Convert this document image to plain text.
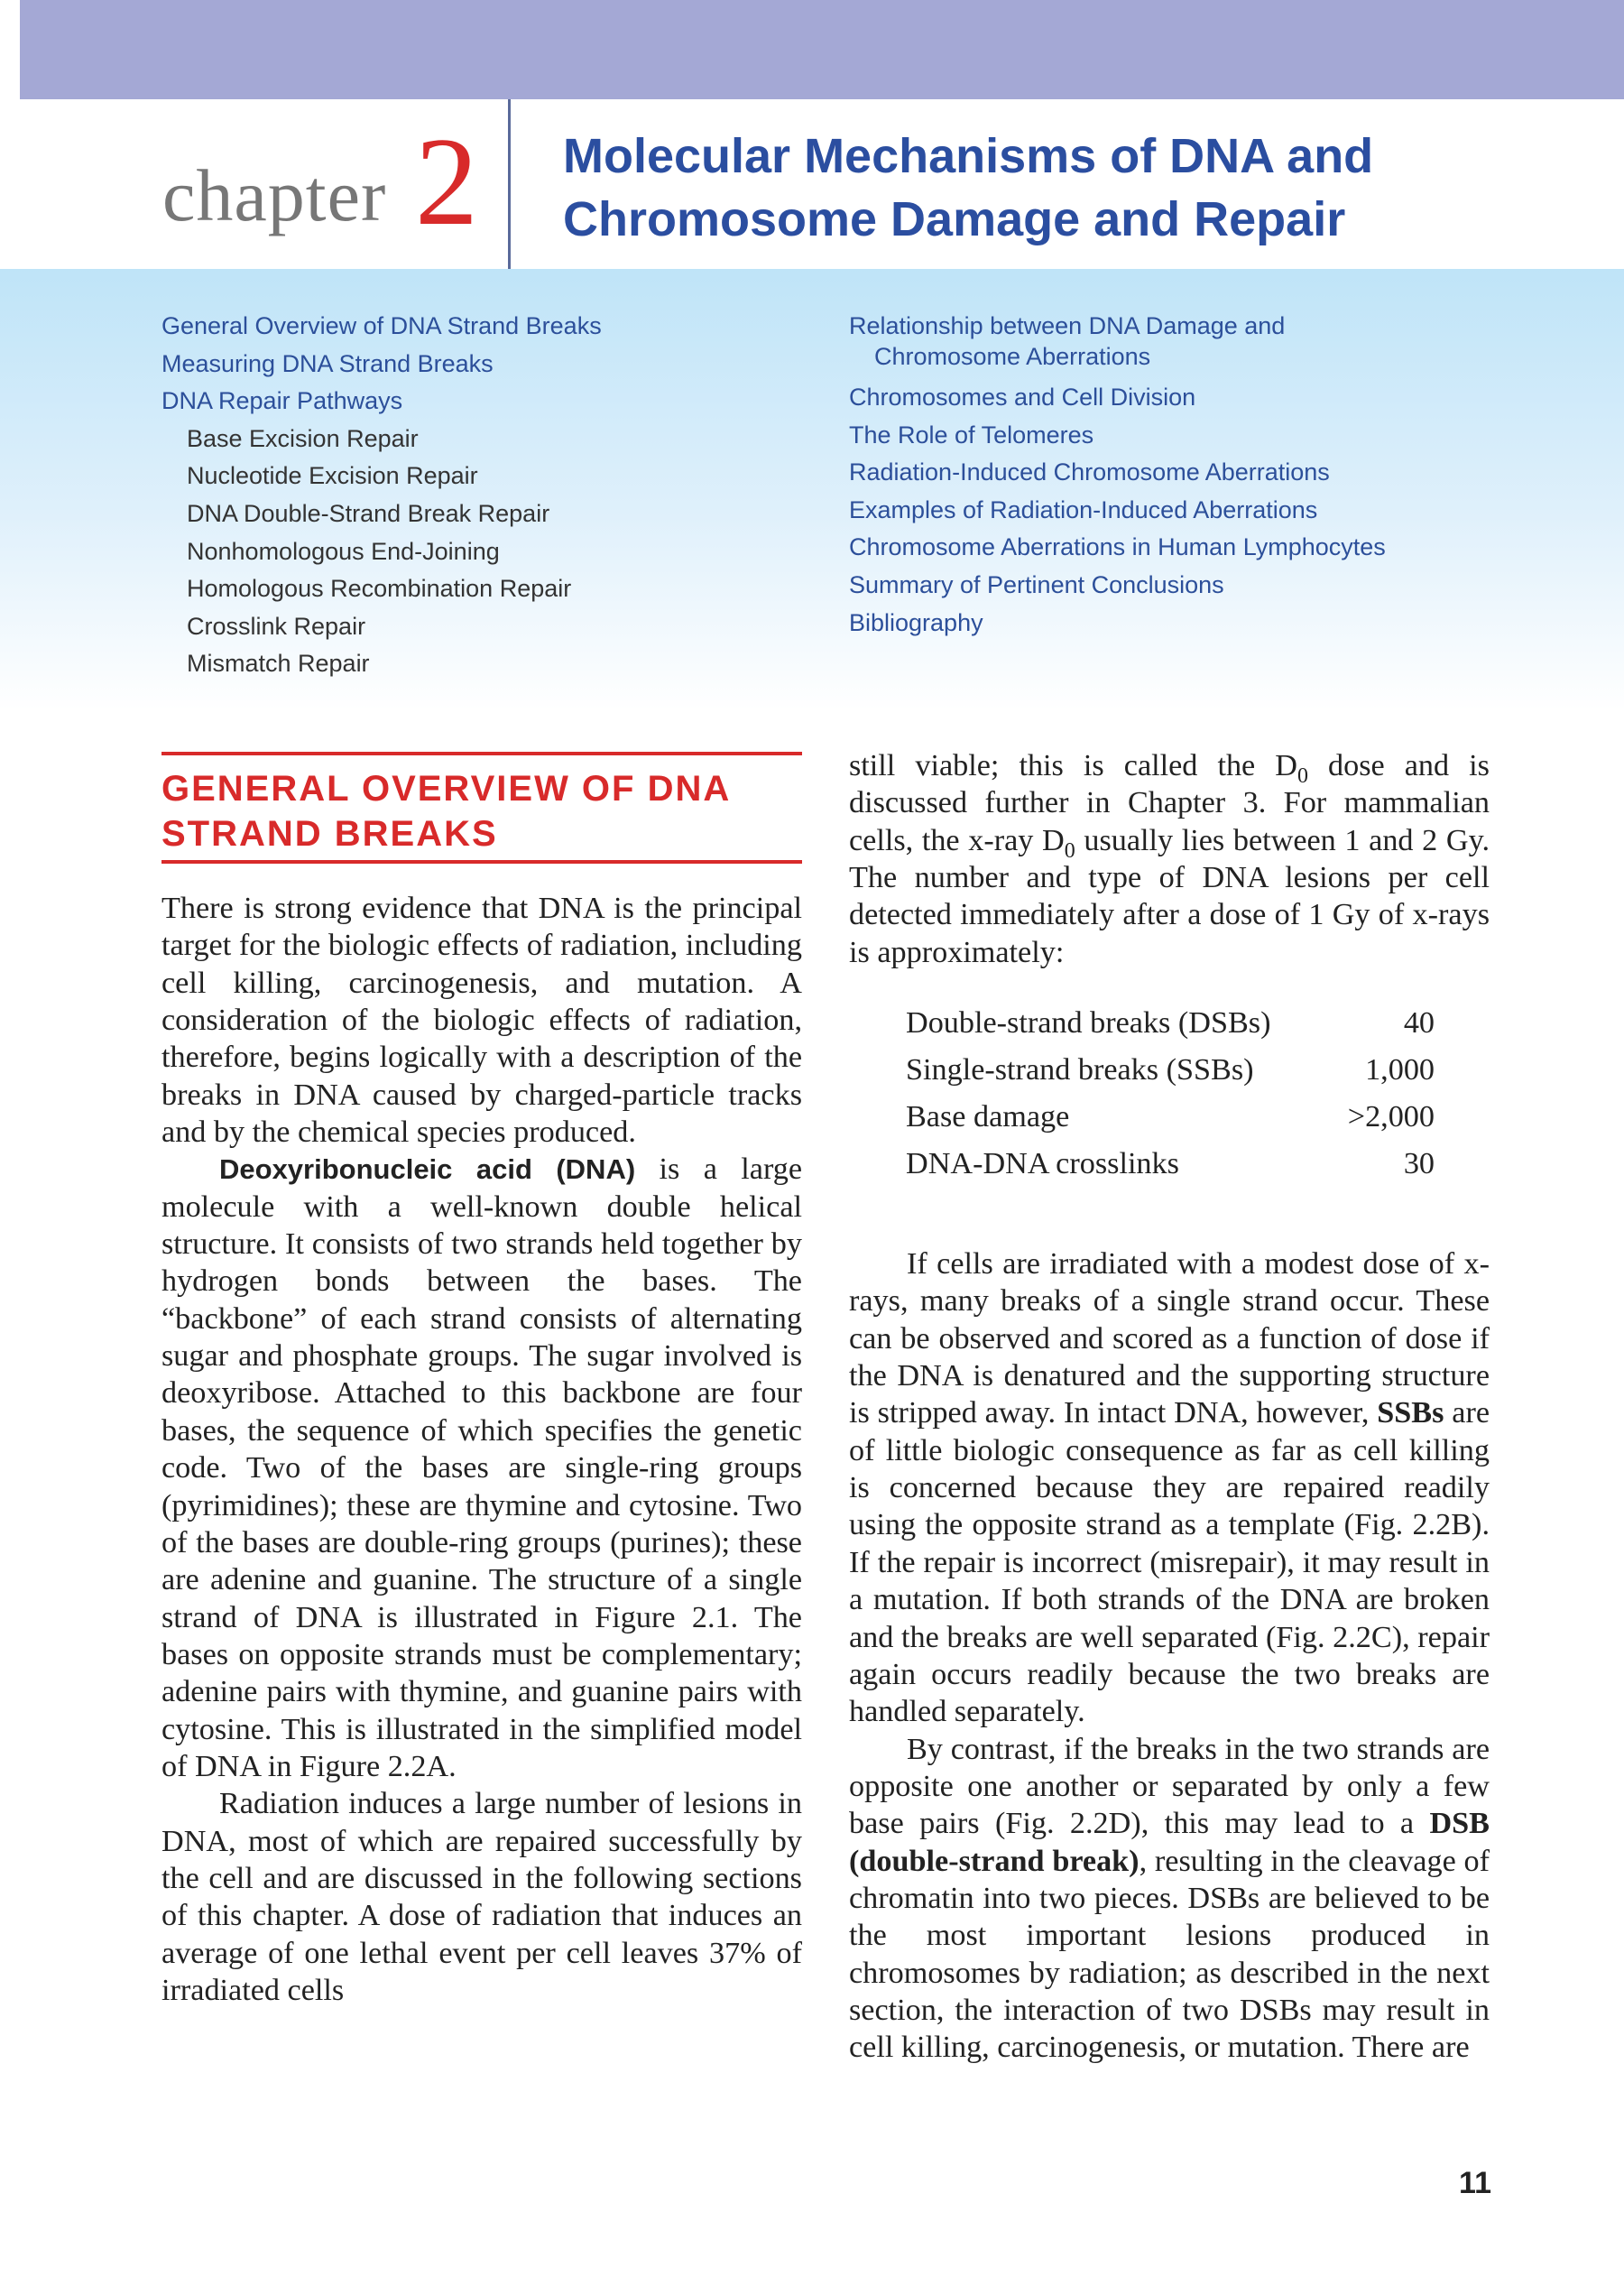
chapter 2 Molecular Mechanisms of DNA and
Chromosome Damage and Repair
General Overview of DNA Strand Breaks
Measuring DNA Strand Breaks
DNA Repair Pathways
Base Excision Repair
Nucleotide Excision Repair
DNA Double-Strand Break Repair
Nonhomologous End-Joining
Homologous Recombination Repair
Crosslink Repair
Mismatch Repair
Relationship between DNA Damage and
Chromosome Aberrations
Chromosomes and Cell Division
The Role of Telomeres
Radiation-Induced Chromosome Aberrations
Examples of Radiation-Induced Aberrations
Chromosome Aberrations in Human Lymphocytes
Summary of Pertinent Conclusions
Bibliography
GENERAL OVERVIEW OF DNA
STRAND BREAKS

There is strong evidence that DNA is the principal target for the biologic effects of radiation, including cell killing, carcinogenesis, and mutation. A consideration of the biologic effects of radiation, therefore, begins logically with a description of the breaks in DNA caused by charged-particle tracks and by the chemical species produced.

Deoxyribonucleic acid (DNA) is a large molecule with a well-known double helical structure. It consists of two strands held together by hydrogen bonds between the bases. The “backbone” of each strand consists of alternating sugar and phosphate groups. The sugar involved is deoxyribose. Attached to this backbone are four bases, the sequence of which specifies the genetic code. Two of the bases are single-ring groups (pyrimidines); these are thymine and cytosine. Two of the bases are double-ring groups (purines); these are adenine and guanine. The structure of a single strand of DNA is illustrated in Figure 2.1. The bases on opposite strands must be complementary; adenine pairs with thymine, and guanine pairs with cytosine. This is illustrated in the simplified model of DNA in Figure 2.2A.

Radiation induces a large number of lesions in DNA, most of which are repaired successfully by the cell and are discussed in the following sections of this chapter. A dose of radiation that induces an average of one lethal event per cell leaves 37% of irradiated cells

still viable; this is called the $D_0$ dose and is discussed further in Chapter 3. For mammalian cells, the x-ray $D_0$ usually lies between 1 and 2 Gy. The number and type of DNA lesions per cell detected immediately after a dose of 1 Gy of x-rays is approximately:

If cells are irradiated with a modest dose of x-rays, many breaks of a single strand occur. These can be observed and scored as a function of dose if the DNA is denatured and the supporting structure is stripped away. In intact DNA, however, SSBs are of little biologic consequence as far as cell killing is concerned because they are repaired readily using the opposite strand as a template (Fig. 2.2B). If the repair is incorrect (misrepair), it may result in a mutation. If both strands of the DNA are broken and the breaks are well separated (Fig. 2.2C), repair again occurs readily because the two breaks are handled separately.

By contrast, if the breaks in the two strands are opposite one another or separated by only a few base pairs (Fig. 2.2D), this may lead to a DSB (double-strand break), resulting in the cleavage of chromatin into two pieces. DSBs are believed to be the most important lesions produced in chromosomes by radiation; as described in the next section, the interaction of two DSBs may result in cell killing, carcinogenesis, or mutation. There are

Double-strand breaks (DSBs)	40
Single-strand breaks (SSBs)	1,000
Base damage	>2,000
DNA-DNA crosslinks	30
11
